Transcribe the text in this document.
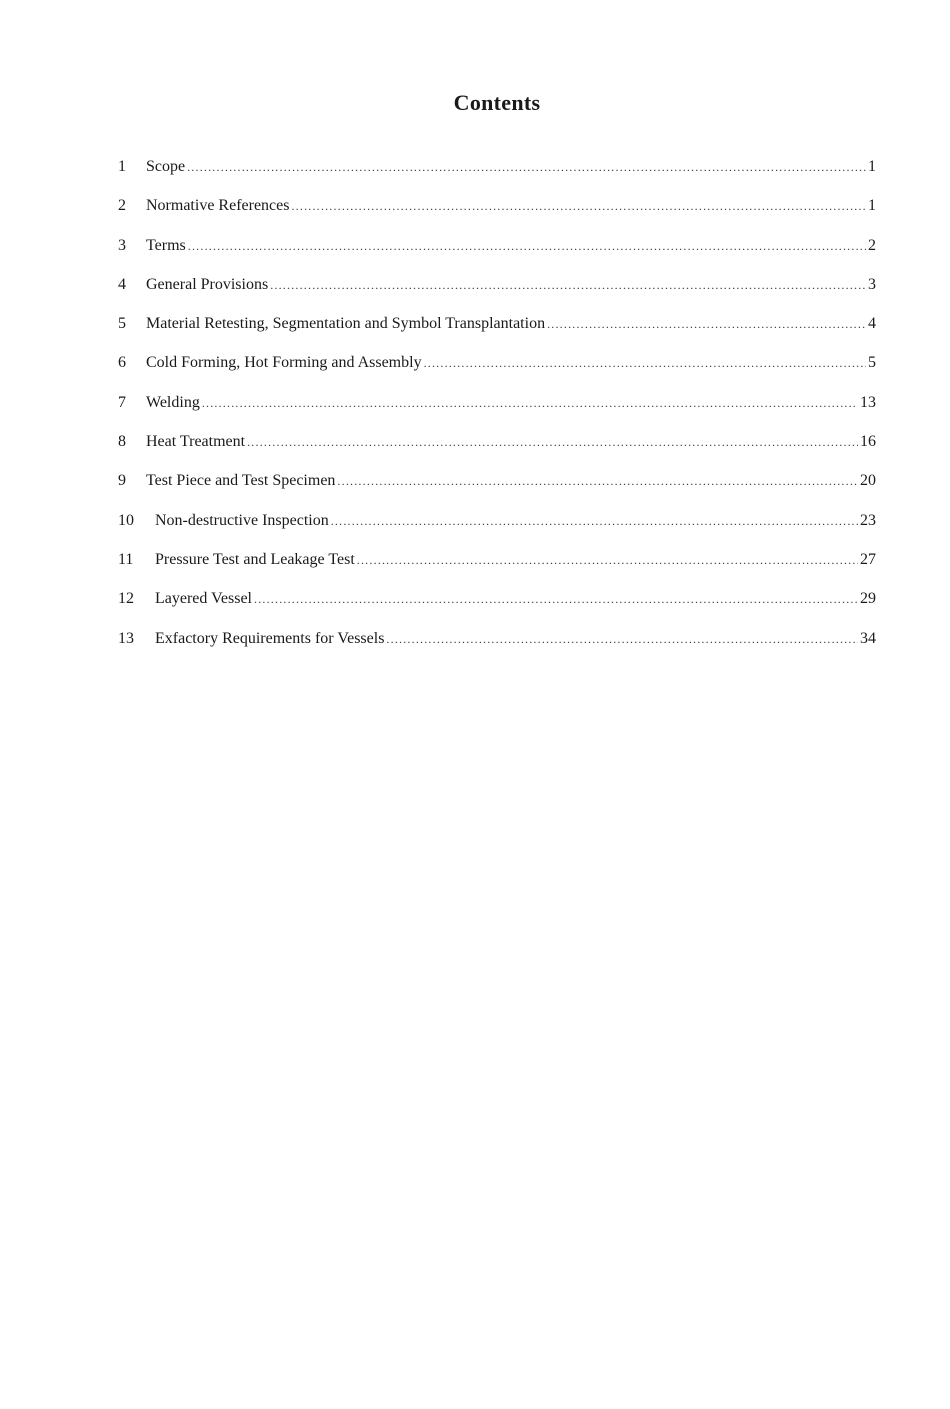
Contents
1	Scope .....	1
2	Normative References .....	1
3	Terms .....	2
4	General Provisions .....	3
5	Material Retesting, Segmentation and Symbol Transplantation .....	4
6	Cold Forming, Hot Forming and Assembly .....	5
7	Welding .....	13
8	Heat Treatment .....	16
9	Test Piece and Test Specimen .....	20
10	Non-destructive Inspection .....	23
11	Pressure Test and Leakage Test .....	27
12	Layered Vessel .....	29
13	Exfactory Requirements for Vessels .....	34
